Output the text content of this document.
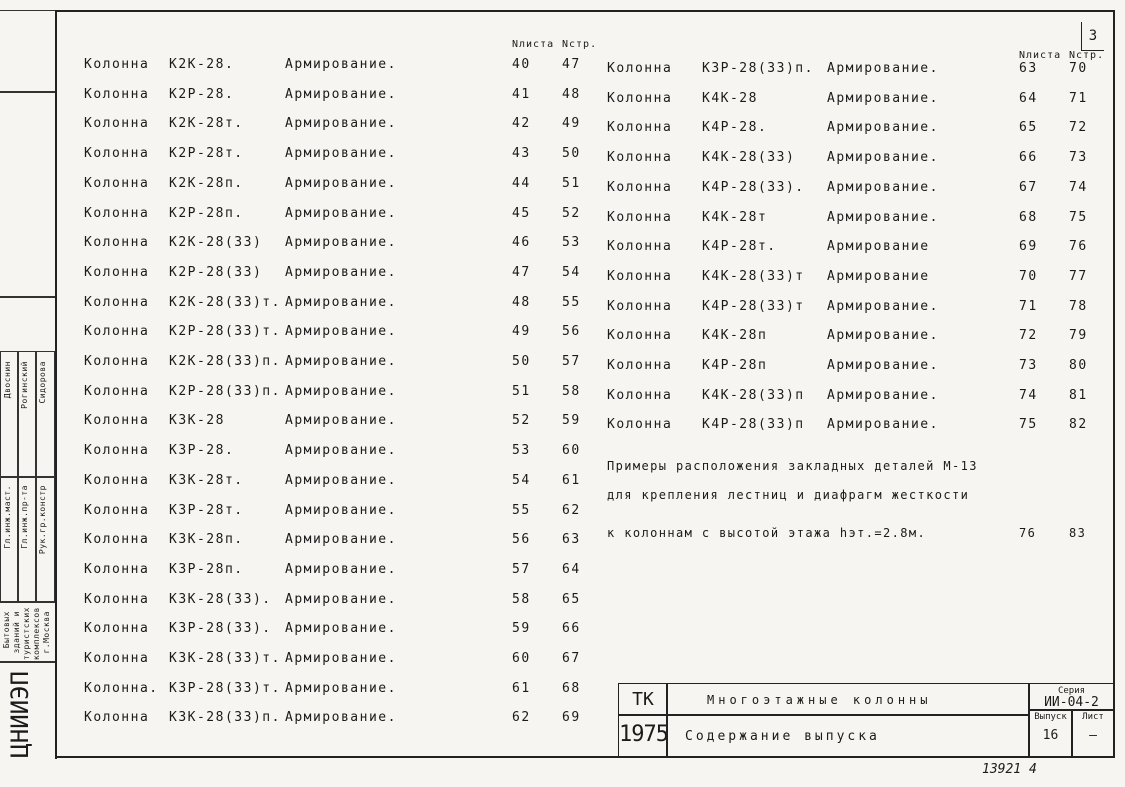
Гл.инж.маст. Гл.инж.пр-та Рук.гр.констр
Двоснин Рогинский Сидорова
Бытовых зданий и туристских комплексов г.Москва
ЦНИИЭП
3
Nлиста Nстр.
Nлиста Nстр.
Колонна К2К-28.	Армирование.	40 47
Колонна К2Р-28.	Армирование.	41 48
Колонна К2К-28т.	Армирование.	42 49
Колонна К2Р-28т.	Армирование.	43 50
Колонна К2К-28п.	Армирование.	44 51
Колонна К2Р-28п.	Армирование.	45 52
Колонна К2К-28(33) Армирование.	46 53
Колонна К2Р-28(33) Армирование.	47 54
Колонна К2К-28(33)т. Армирование.	48 55
Колонна К2Р-28(33)т. Армирование.	49 56
Колонна К2К-28(33)п. Армирование.	50 57
Колонна К2Р-28(33)п. Армирование.	51 58
Колонна К3К-28	Армирование.	52 59
Колонна К3Р-28.	Армирование.	53 60
Колонна К3К-28т.	Армирование.	54 61
Колонна К3Р-28т.	Армирование.	55 62
Колонна К3К-28п.	Армирование.	56 63
Колонна К3Р-28п.	Армирование.	57 64
Колонна К3К-28(33). Армирование.	58 65
Колонна К3Р-28(33). Армирование.	59 66
Колонна К3К-28(33)т. Армирование.	60 67
Колонна. К3Р-28(33)т. Армирование.	61 68
Колонна К3К-28(33)п. Армирование.	62 69
Колонна К3Р-28(33)п. Армирование.	63 70
Колонна К4К-28	Армирование.	64 71
Колонна К4Р-28.	Армирование.	65 72
Колонна К4К-28(33) Армирование.	66 73
Колонна К4Р-28(33). Армирование.	67 74
Колонна К4К-28т	Армирование.	68 75
Колонна К4Р-28т.	Армирование	69 76
Колонна К4К-28(33)т Армирование	70 77
Колонна К4Р-28(33)т Армирование.	71 78
Колонна К4К-28п	Армирование.	72 79
Колонна К4Р-28п	Армирование.	73 80
Колонна К4К-28(33)п Армирование.	74 81
Колонна К4Р-28(33)п Армирование.	75 82
Примеры расположения закладных деталей М-13
для крепления лестниц и диафрагм жесткости
к колоннам с высотой этажа hэт.=2.8м.	76	83
ТК
1975
Многоэтажные колонны
Содержание выпуска
Серия
ИИ-04-2
Выпуск
16
Лист
—
13921 4
